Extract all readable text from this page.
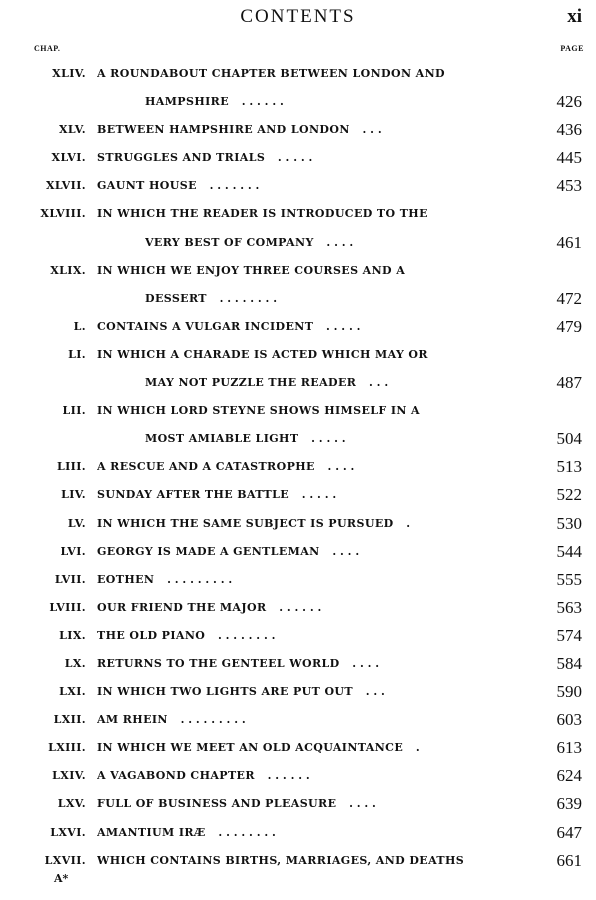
CONTENTS	xi
CHAP.	PAGE
XLIV. A ROUNDABOUT CHAPTER BETWEEN LONDON AND
HAMPSHIRE . . . . . .	426
XLV. BETWEEN HAMPSHIRE AND LONDON . . .	436
XLVI. STRUGGLES AND TRIALS . . . . .	445
XLVII. GAUNT HOUSE . . . . . . .	453
XLVIII. IN WHICH THE READER IS INTRODUCED TO THE
VERY BEST OF COMPANY . . . .	461
XLIX. IN WHICH WE ENJOY THREE COURSES AND A
DESSERT . . . . . . . .	472
L. CONTAINS A VULGAR INCIDENT . . . . .	479
LI. IN WHICH A CHARADE IS ACTED WHICH MAY OR
MAY NOT PUZZLE THE READER . . .	487
LII. IN WHICH LORD STEYNE SHOWS HIMSELF IN A
MOST AMIABLE LIGHT . . . . .	504
LIII. A RESCUE AND A CATASTROPHE . . . .	513
LIV. SUNDAY AFTER THE BATTLE . . . . .	522
LV. IN WHICH THE SAME SUBJECT IS PURSUED .	530
LVI. GEORGY IS MADE A GENTLEMAN . . . .	544
LVII. EOTHEN . . . . . . . . .	555
LVIII. OUR FRIEND THE MAJOR . . . . . .	563
LIX. THE OLD PIANO . . . . . . . .	574
LX. RETURNS TO THE GENTEEL WORLD . . . .	584
LXI. IN WHICH TWO LIGHTS ARE PUT OUT . . .	590
LXII. AM RHEIN . . . . . . . . .	603
LXIII. IN WHICH WE MEET AN OLD ACQUAINTANCE .	613
LXIV. A VAGABOND CHAPTER . . . . . .	624
LXV. FULL OF BUSINESS AND PLEASURE . . . .	639
LXVI. AMANTIUM IRÆ . . . . . . . .	647
LXVII. WHICH CONTAINS BIRTHS, MARRIAGES, AND DEATHS	661
A*
